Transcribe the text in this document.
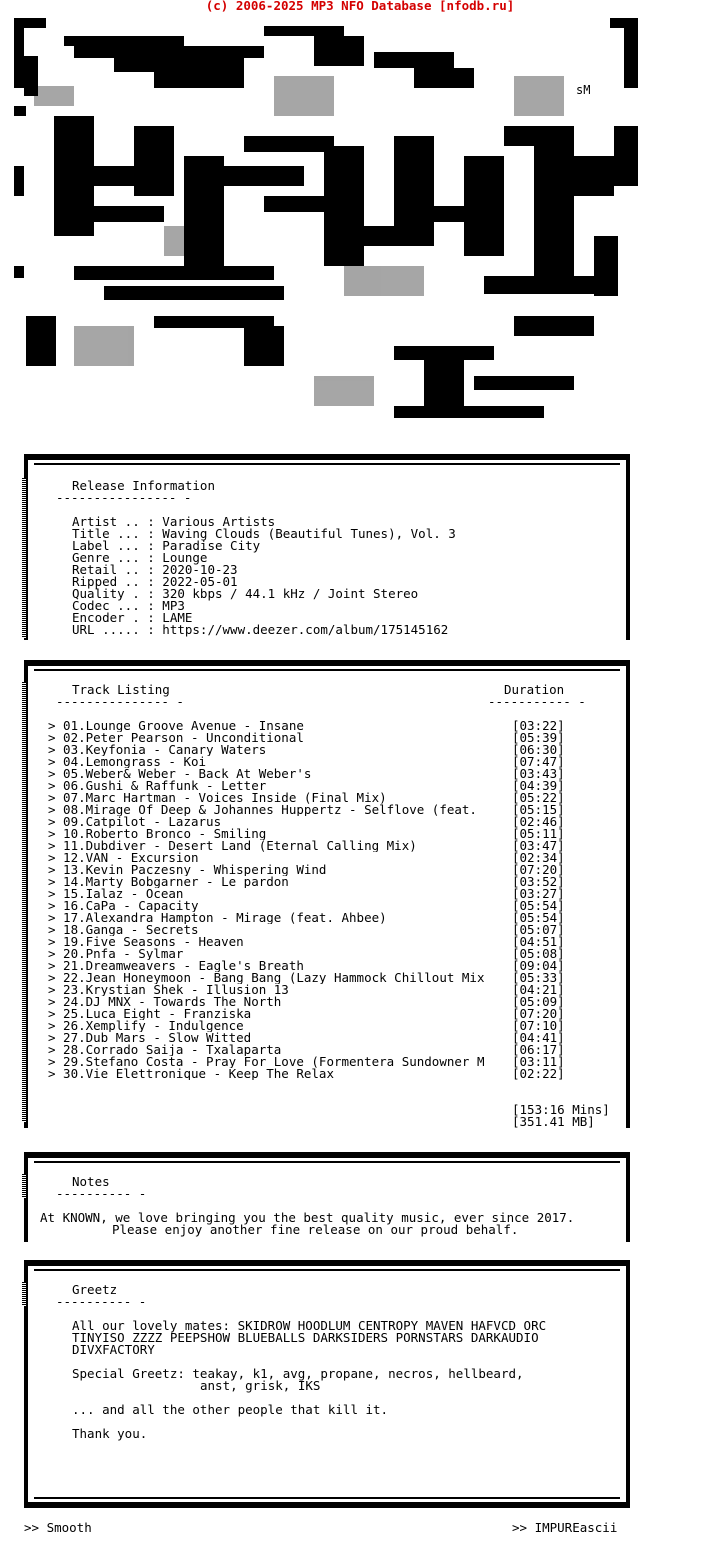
(c) 2006-2025 MP3 NFO Database [nfodb.ru]
sM
Release Information
---------------- -
Artist .. : Various Artists
Title ... : Waving Clouds (Beautiful Tunes), Vol. 3
Label ... : Paradise City
Genre ... : Lounge
Retail .. : 2020-10-23
Ripped .. : 2022-05-01
Quality . : 320 kbps / 44.1 kHz / Joint Stereo
Codec ... : MP3
Encoder . : LAME
URL ..... : https://www.deezer.com/album/175145162
Track Listing
--------------- -
Duration
----------- -
> 01.Lounge Groove Avenue - Insane	[03:22]
> 02.Peter Pearson - Unconditional	[05:39]
> 03.Keyfonia - Canary Waters	[06:30]
> 04.Lemongrass - Koi	[07:47]
> 05.Weber& Weber - Back At Weber's	[03:43]
> 06.Gushi & Raffunk - Letter	[04:39]
> 07.Marc Hartman - Voices Inside (Final Mix)	[05:22]
> 08.Mirage Of Deep & Johannes Huppertz - Selflove (feat.	[05:15]
> 09.Catpilot - Lazarus	[02:46]
> 10.Roberto Bronco - Smiling	[05:11]
> 11.Dubdiver - Desert Land (Eternal Calling Mix)	[03:47]
> 12.VAN - Excursion	[02:34]
> 13.Kevin Paczesny - Whispering Wind	[07:20]
> 14.Marty Bobgarner - Le pardon	[03:52]
> 15.Ialaz - Ocean	[03:27]
> 16.CaPa - Capacity	[05:54]
> 17.Alexandra Hampton - Mirage (feat. Ahbee)	[05:54]
> 18.Ganga - Secrets	[05:07]
> 19.Five Seasons - Heaven	[04:51]
> 20.Pnfa - Sylmar	[05:08]
> 21.Dreamweavers - Eagle's Breath	[09:04]
> 22.Jean Honeymoon - Bang Bang (Lazy Hammock Chillout Mix [05:33]
> 23.Krystian Shek - Illusion 13	[04:21]
> 24.DJ MNX - Towards The North	[05:09]
> 25.Luca Eight - Franziska	[07:20]
> 26.Xemplify - Indulgence	[07:10]
> 27.Dub Mars - Slow Witted	[04:41]
> 28.Corrado Saija - Txalaparta	[06:17]
> 29.Stefano Costa - Pray For Love (Formentera Sundowner M [03:11]
> 30.Vie Elettronique - Keep The Relax	[02:22]
[153:16 Mins]
[351.41 MB]
Notes
---------- -
At KNOWN, we love bringing you the best quality music, ever since 2017.
Please enjoy another fine release on our proud behalf.
Greetz
---------- -
All our lovely mates: SKIDROW HOODLUM CENTROPY MAVEN HAFVCD ORC
TINYISO ZZZZ PEEPSHOW BLUEBALLS DARKSIDERS PORNSTARS DARKAUDIO
DIVXFACTORY
Special Greetz: teakay, k1, avg, propane, necros, hellbeard,
anst, grisk, IKS
... and all the other people that kill it.
Thank you.
>> Smooth	>> IMPUREascii
